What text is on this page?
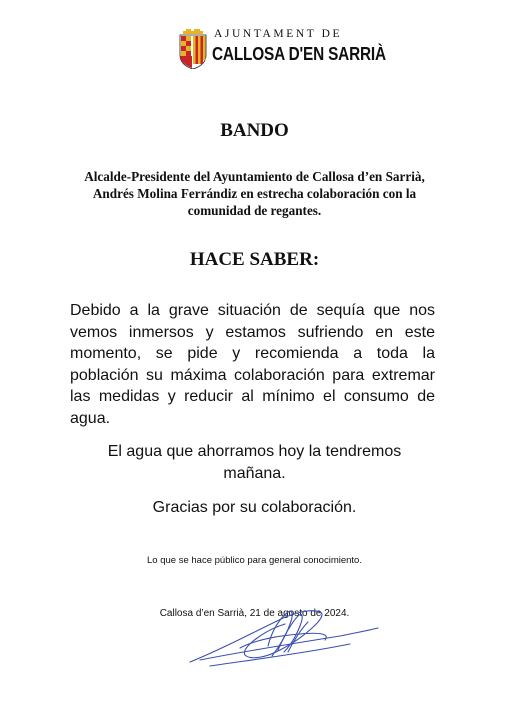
AJUNTAMENT DE
CALLOSA D'EN SARRIÀ
BANDO
Alcalde-Presidente del Ayuntamiento de Callosa d’en Sarrià,
Andrés Molina Ferrándiz en estrecha colaboración con la
comunidad de regantes.
HACE SABER:
Debido a la grave situación de sequía que nos vemos inmersos y estamos sufriendo en este momento, se pide y recomienda a toda la población su máxima colaboración para extremar las medidas y reducir al mínimo el consumo de agua.
El agua que ahorramos hoy la tendremos
mañana.
Gracias por su colaboración.
Lo que se hace público para general conocimiento.
Callosa d’en Sarrià, 21 de agosto de 2024.
